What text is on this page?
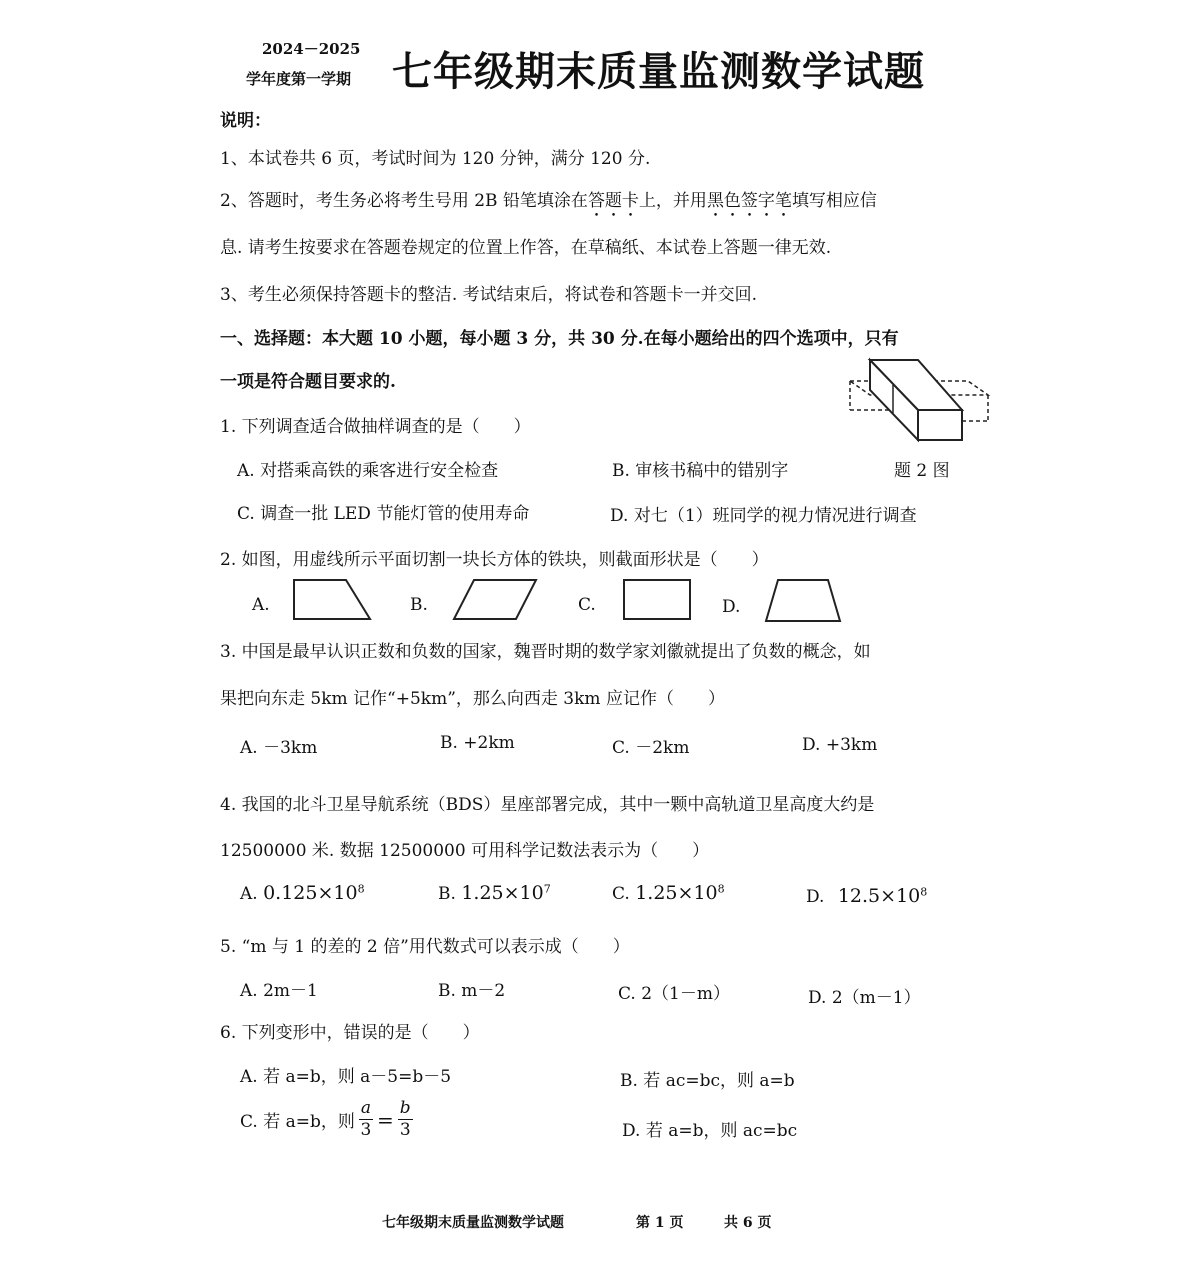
2024－2025
学年度第一学期 七年级期末质量监测数学试题
说明：
1、本试卷共 6 页，考试时间为 120 分钟，满分 120 分.
2、答题时，考生务必将考生号用 2B 铅笔填涂在答题卡上，并用黑色签字笔填写相应信
息. 请考生按要求在答题卷规定的位置上作答，在草稿纸、本试卷上答题一律无效.
3、考生必须保持答题卡的整洁. 考试结束后，将试卷和答题卡一并交回.
一、选择题：本大题 10 小题，每小题 3 分，共 30 分.在每小题给出的四个选项中，只有
一项是符合题目要求的.
题 2 图
1. 下列调查适合做抽样调查的是（　　）
A. 对搭乘高铁的乘客进行安全检查	B. 审核书稿中的错别字
C. 调查一批 LED 节能灯管的使用寿命	D. 对七（1）班同学的视力情况进行调查
2. 如图，用虚线所示平面切割一块长方体的铁块，则截面形状是（　　）
A.	B.	C.	D.
3. 中国是最早认识正数和负数的国家，魏晋时期的数学家刘徽就提出了负数的概念，如
果把向东走 5km 记作“+5km”，那么向西走 3km 应记作（　　）
A. －3km	B. +2km	C. －2km	D. +3km
4. 我国的北斗卫星导航系统（BDS）星座部署完成，其中一颗中高轨道卫星高度大约是
12500000 米. 数据 12500000 可用科学记数法表示为（　　）
A. $0.125\times 10^8$	B. $1.25\times 10^7$	C. $1.25\times 10^8$	D. $12.5\times 10^8$
5. “m 与 1 的差的 2 倍”用代数式可以表示成（　　）
A. 2m－1	B. m－2	C. 2（1－m）	D. 2（m－1）
6. 下列变形中，错误的是（　　）
A. 若 a=b，则 a－5=b－5	B. 若 ac=bc，则 a=b
C. 若 a=b，则 $\frac{a}{3} = \frac{b}{3}$	D. 若 a=b，则 ac=bc
七年级期末质量监测数学试题	第 1 页	共 6 页
